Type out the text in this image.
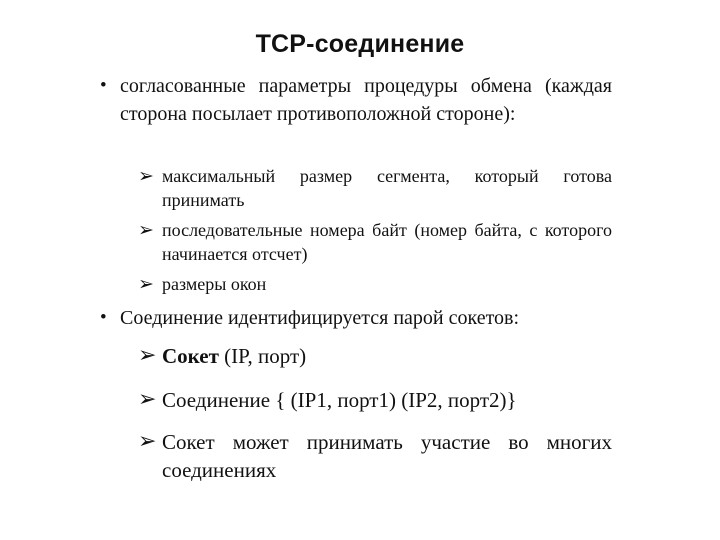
TCP-соединение
• согласованные параметры процедуры обмена (каждая сторона посылает противоположной стороне):
➢ максимальный размер сегмента, который готова принимать
➢ последовательные номера байт (номер байта, с которого начинается отсчет)
➢ размеры окон
• Соединение идентифицируется парой сокетов:
➢ Сокет (IP, порт)
➢ Соединение { (IP1, порт1) (IP2, порт2)}
➢ Сокет может принимать участие во многих соединениях
